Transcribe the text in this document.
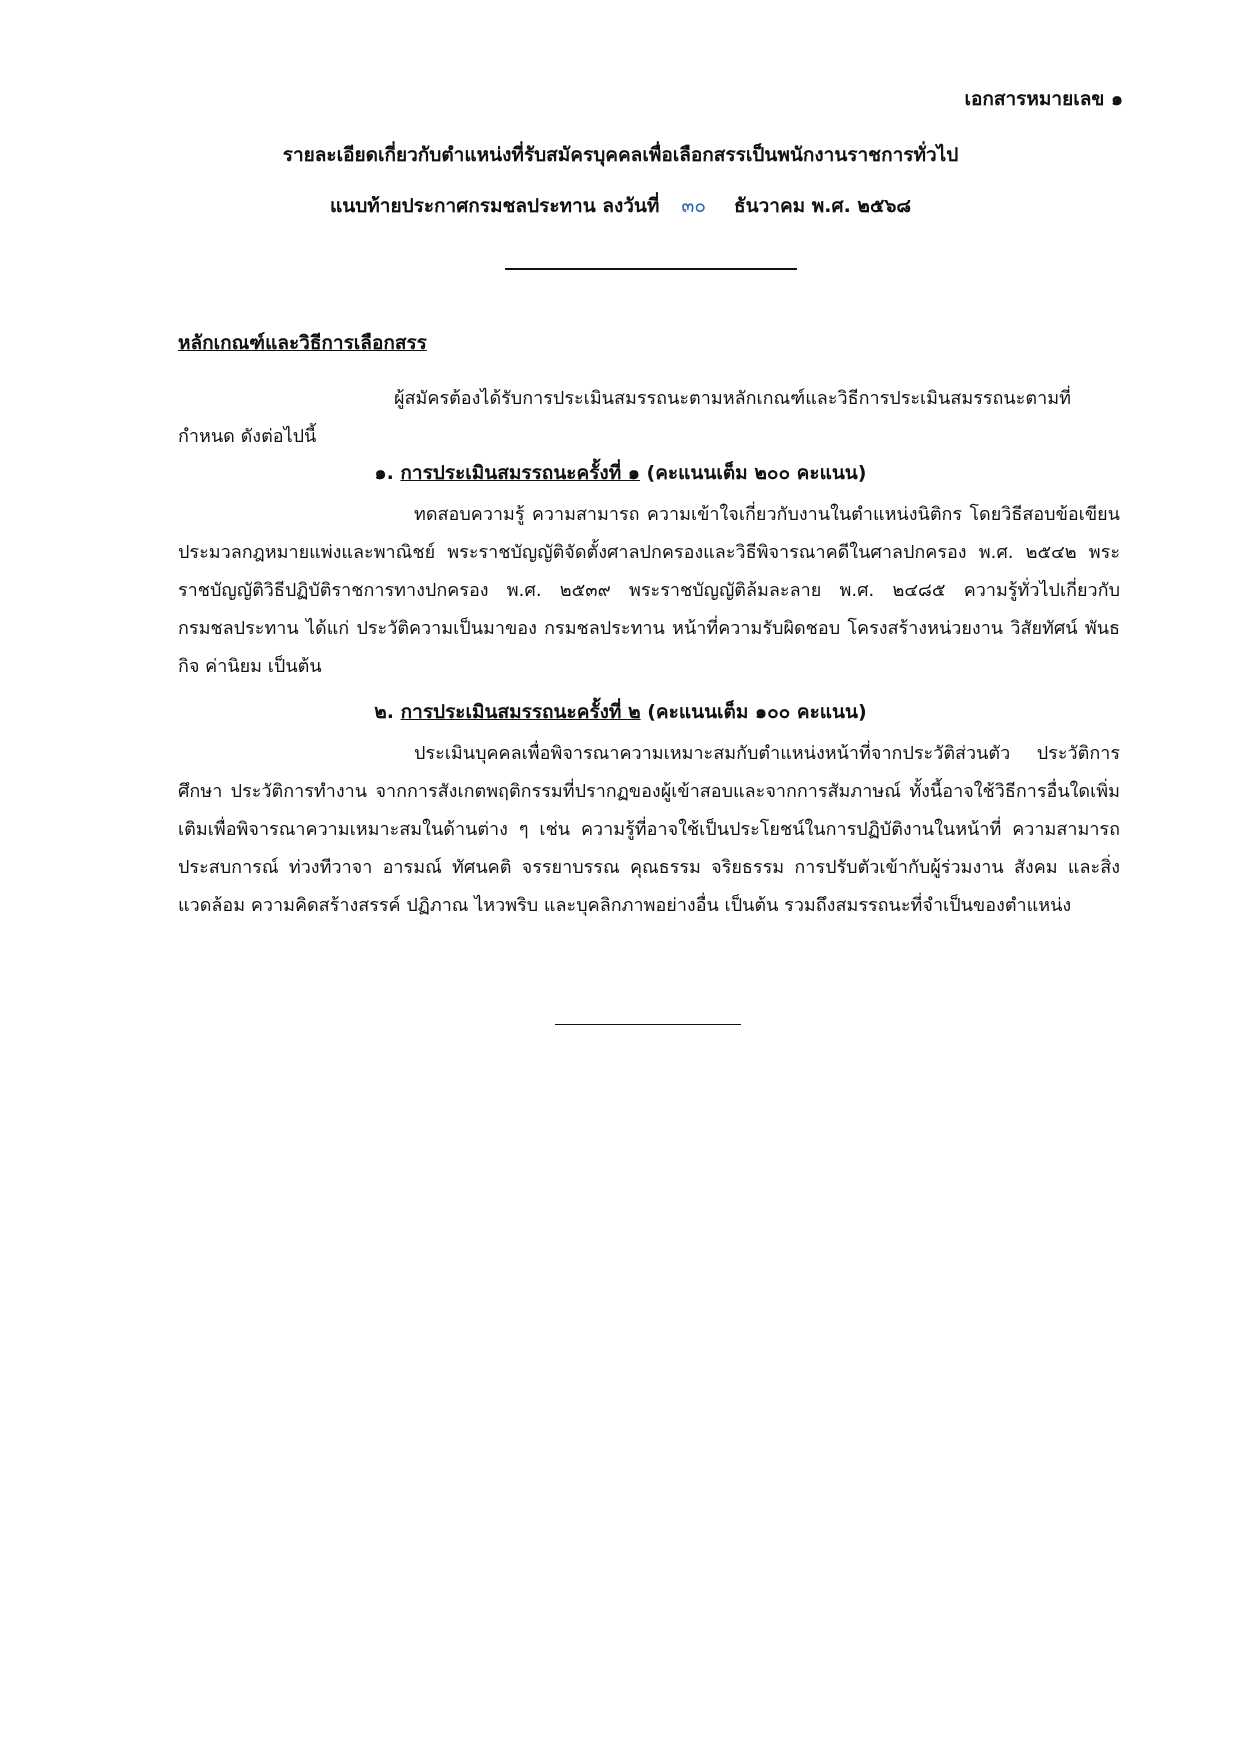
เอกสารหมายเลข ๑
รายละเอียดเกี่ยวกับตำแหน่งที่รับสมัครบุคคลเพื่อเลือกสรรเป็นพนักงานราชการทั่วไป
แนบท้ายประกาศกรมชลประทาน ลงวันที่ ๓๐ ธันวาคม พ.ศ. ๒๕๖๘
หลักเกณฑ์และวิธีการเลือกสรร
ผู้สมัครต้องได้รับการประเมินสมรรถนะตามหลักเกณฑ์และวิธีการประเมินสมรรถนะตามที่กำหนด ดังต่อไปนี้
๑. การประเมินสมรรถนะครั้งที่ ๑ (คะแนนเต็ม ๒๐๐ คะแนน)
ทดสอบความรู้ ความสามารถ ความเข้าใจเกี่ยวกับงานในตำแหน่งนิติกร โดยวิธีสอบข้อเขียน ประมวลกฎหมายแพ่งและพาณิชย์ พระราชบัญญัติจัดตั้งศาลปกครองและวิธีพิจารณาคดีในศาลปกครอง พ.ศ. ๒๕๔๒ พระราชบัญญัติวิธีปฏิบัติราชการทางปกครอง พ.ศ. ๒๕๓๙ พระราชบัญญัติล้มละลาย พ.ศ. ๒๔๘๕ ความรู้ทั่วไปเกี่ยวกับกรมชลประทาน ได้แก่ ประวัติความเป็นมาของ กรมชลประทาน หน้าที่ความรับผิดชอบ โครงสร้างหน่วยงาน วิสัยทัศน์ พันธกิจ ค่านิยม เป็นต้น
๒. การประเมินสมรรถนะครั้งที่ ๒ (คะแนนเต็ม ๑๐๐ คะแนน)
ประเมินบุคคลเพื่อพิจารณาความเหมาะสมกับตำแหน่งหน้าที่จากประวัติส่วนตัว ประวัติการศึกษา ประวัติการทำงาน จากการสังเกตพฤติกรรมที่ปรากฏของผู้เข้าสอบและจากการสัมภาษณ์ ทั้งนี้อาจใช้วิธีการอื่นใดเพิ่มเติมเพื่อพิจารณาความเหมาะสมในด้านต่าง ๆ เช่น ความรู้ที่อาจใช้เป็นประโยชน์ในการปฏิบัติงานในหน้าที่ ความสามารถ ประสบการณ์ ท่วงทีวาจา อารมณ์ ทัศนคติ จรรยาบรรณ คุณธรรม จริยธรรม การปรับตัวเข้ากับผู้ร่วมงาน สังคม และสิ่งแวดล้อม ความคิดสร้างสรรค์ ปฏิภาณ ไหวพริบ และบุคลิกภาพอย่างอื่น เป็นต้น รวมถึงสมรรถนะที่จำเป็นของตำแหน่ง
